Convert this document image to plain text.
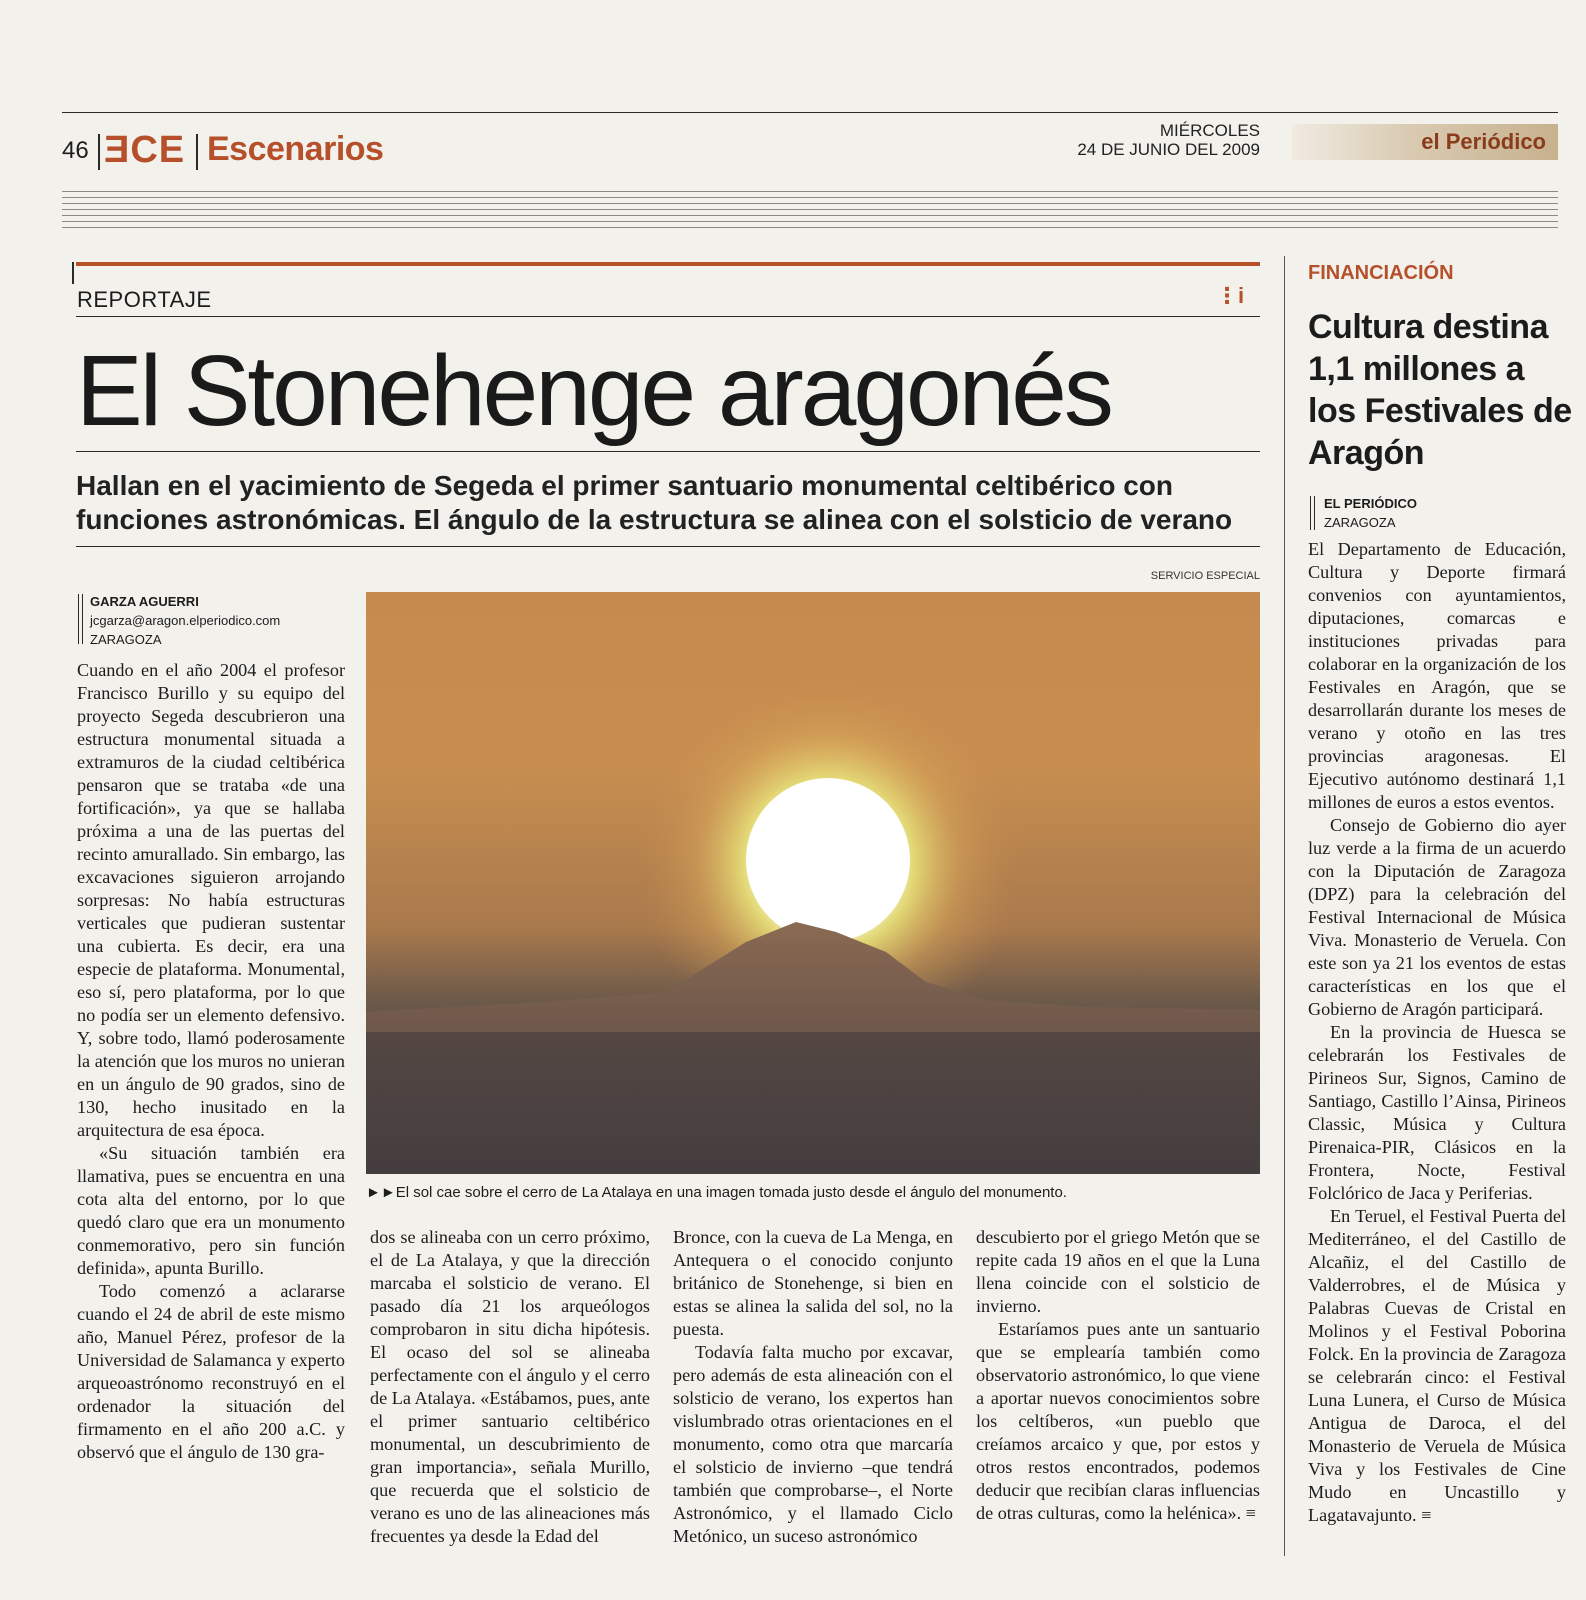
46 ƎCE Escenarios	MIÉRCOLES
24 DE JUNIO DEL 2009	el Periódico
REPORTAJE	⋮i
El Stonehenge aragonés
Hallan en el yacimiento de Segeda el primer santuario monumental celtibérico con funciones astronómicas. El ángulo de la estructura se alinea con el solsticio de verano
SERVICIO ESPECIAL
GARZA AGUERRI
jcgarza@aragon.elperiodico.com
ZARAGOZA
►►El sol cae sobre el cerro de La Atalaya en una imagen tomada justo desde el ángulo del monumento.

Cuando en el año 2004 el profesor Francisco Burillo y su equipo del proyecto Segeda descubrieron una estructura monumental situada a extramuros de la ciudad celtibérica pensaron que se trataba «de una fortificación», ya que se hallaba próxima a una de las puertas del recinto amurallado. Sin embargo, las excavaciones siguieron arrojando sorpresas: No había estructuras verticales que pudieran sustentar una cubierta. Es decir, era una especie de plataforma. Monumental, eso sí, pero plataforma, por lo que no podía ser un elemento defensivo. Y, sobre todo, llamó poderosamente la atención que los muros no unieran en un ángulo de 90 grados, sino de 130, hecho inusitado en la arquitectura de esa época.

«Su situación también era llamativa, pues se encuentra en una cota alta del entorno, por lo que quedó claro que era un monumento conmemorativo, pero sin función definida», apunta Burillo.

Todo comenzó a aclararse cuando el 24 de abril de este mismo año, Manuel Pérez, profesor de la Universidad de Salamanca y experto arqueoastrónomo reconstruyó en el ordenador la situación del firmamento en el año 200 a.C. y observó que el ángulo de 130 gra-

dos se alineaba con un cerro próximo, el de La Atalaya, y que la dirección marcaba el solsticio de verano. El pasado día 21 los arqueólogos comprobaron in situ dicha hipótesis. El ocaso del sol se alineaba perfectamente con el ángulo y el cerro de La Atalaya. «Estábamos, pues, ante el primer santuario celtibérico monumental, un descubrimiento de gran importancia», señala Murillo, que recuerda que el solsticio de verano es uno de las alineaciones más frecuentes ya desde la Edad del

Bronce, con la cueva de La Menga, en Antequera o el conocido conjunto británico de Stonehenge, si bien en estas se alinea la salida del sol, no la puesta.

Todavía falta mucho por excavar, pero además de esta alineación con el solsticio de verano, los expertos han vislumbrado otras orientaciones en el monumento, como otra que marcaría el solsticio de invierno –que tendrá también que comprobarse–, el Norte Astronómico, y el llamado Ciclo Metónico, un suceso astronómico

descubierto por el griego Metón que se repite cada 19 años en el que la Luna llena coincide con el solsticio de invierno.

Estaríamos pues ante un santuario que se emplearía también como observatorio astronómico, lo que viene a aportar nuevos conocimientos sobre los celtíberos, «un pueblo que creíamos arcaico y que, por estos y otros restos encontrados, podemos deducir que recibían claras influencias de otras culturas, como la helénica». ≡

FINANCIACIÓN
Cultura destina 1,1 millones a los Festivales de Aragón
EL PERIÓDICO
ZARAGOZA

El Departamento de Educación, Cultura y Deporte firmará convenios con ayuntamientos, diputaciones, comarcas e instituciones privadas para colaborar en la organización de los Festivales en Aragón, que se desarrollarán durante los meses de verano y otoño en las tres provincias aragonesas. El Ejecutivo autónomo destinará 1,1 millones de euros a estos eventos.

Consejo de Gobierno dio ayer luz verde a la firma de un acuerdo con la Diputación de Zaragoza (DPZ) para la celebración del Festival Internacional de Música Viva. Monasterio de Veruela. Con este son ya 21 los eventos de estas características en los que el Gobierno de Aragón participará.

En la provincia de Huesca se celebrarán los Festivales de Pirineos Sur, Signos, Camino de Santiago, Castillo l’Ainsa, Pirineos Classic, Música y Cultura Pirenaica-PIR, Clásicos en la Frontera, Nocte, Festival Folclórico de Jaca y Periferias.

En Teruel, el Festival Puerta del Mediterráneo, el del Castillo de Alcañiz, el del Castillo de Valderrobres, el de Música y Palabras Cuevas de Cristal en Molinos y el Festival Poborina Folck. En la provincia de Zaragoza se celebrarán cinco: el Festival Luna Lunera, el Curso de Música Antigua de Daroca, el del Monasterio de Veruela de Música Viva y los Festivales de Cine Mudo en Uncastillo y Lagatavajunto. ≡
